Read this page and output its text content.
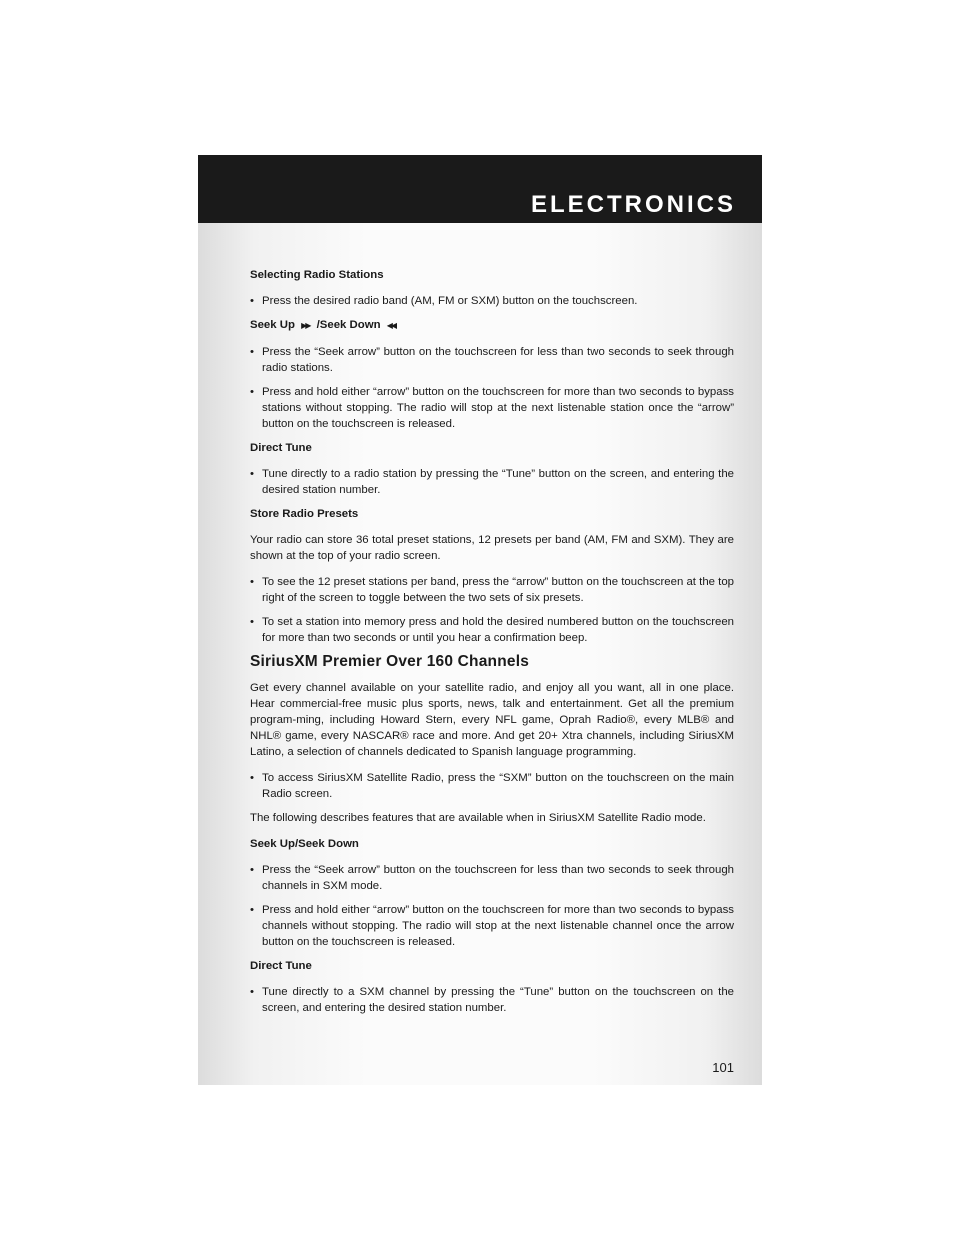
ELECTRONICS
Selecting Radio Stations
• Press the desired radio band (AM, FM or SXM) button on the touchscreen.
Seek Up ▶▶ /Seek Down ◀◀
• Press the “Seek arrow” button on the touchscreen for less than two seconds to seek through radio stations.
• Press and hold either “arrow” button on the touchscreen for more than two seconds to bypass stations without stopping. The radio will stop at the next listenable station once the “arrow” button on the touchscreen is released.
Direct Tune
• Tune directly to a radio station by pressing the “Tune” button on the screen, and entering the desired station number.
Store Radio Presets
Your radio can store 36 total preset stations, 12 presets per band (AM, FM and SXM). They are shown at the top of your radio screen.
• To see the 12 preset stations per band, press the “arrow” button on the touchscreen at the top right of the screen to toggle between the two sets of six presets.
• To set a station into memory press and hold the desired numbered button on the touchscreen for more than two seconds or until you hear a confirmation beep.
SiriusXM Premier Over 160 Channels
Get every channel available on your satellite radio, and enjoy all you want, all in one place. Hear commercial-free music plus sports, news, talk and entertainment. Get all the premium program-ming, including Howard Stern, every NFL game, Oprah Radio®, every MLB® and NHL® game, every NASCAR® race and more. And get 20+ Xtra channels, including SiriusXM Latino, a selection of channels dedicated to Spanish language programming.
• To access SiriusXM Satellite Radio, press the “SXM” button on the touchscreen on the main Radio screen.
The following describes features that are available when in SiriusXM Satellite Radio mode.
Seek Up/Seek Down
• Press the “Seek arrow” button on the touchscreen for less than two seconds to seek through channels in SXM mode.
• Press and hold either “arrow” button on the touchscreen for more than two seconds to bypass channels without stopping. The radio will stop at the next listenable channel once the arrow button on the touchscreen is released.
Direct Tune
• Tune directly to a SXM channel by pressing the “Tune” button on the touchscreen on the screen, and entering the desired station number.
101
